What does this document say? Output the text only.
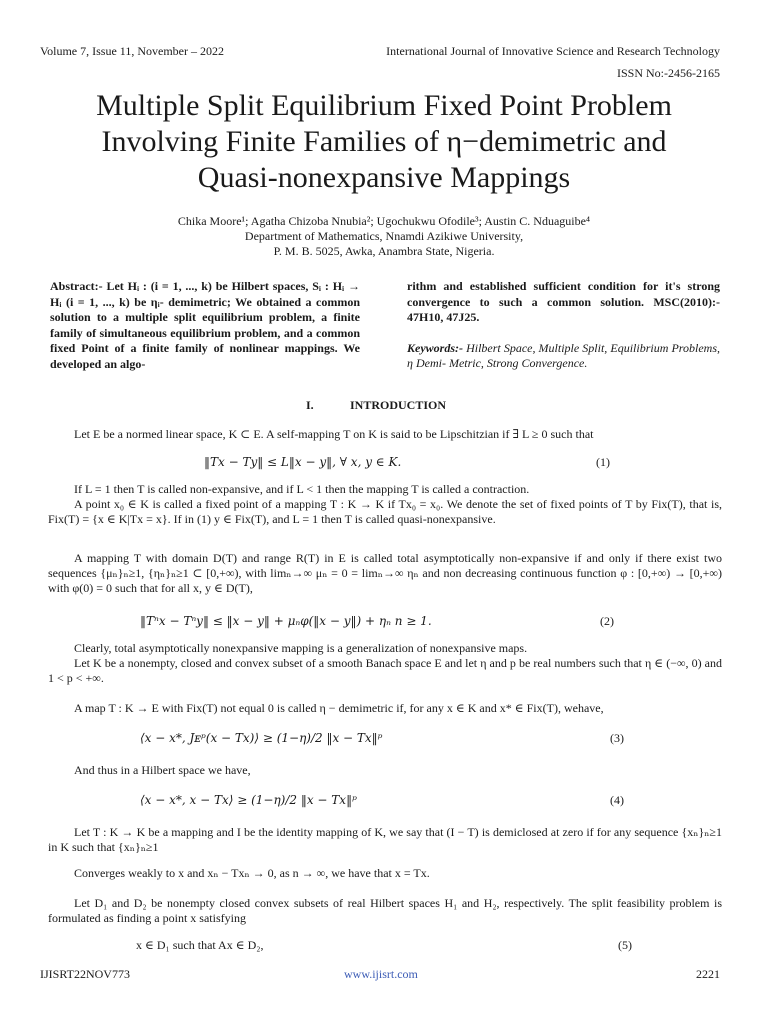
Volume 7, Issue 11, November – 2022	International Journal of Innovative Science and Research Technology
ISSN No:-2456-2165
Multiple Split Equilibrium Fixed Point Problem
Involving Finite Families of η−demimetric and
Quasi-nonexpansive Mappings
Chika Moore¹; Agatha Chizoba Nnubia²; Ugochukwu Ofodile³; Austin C. Nduaguibe⁴
Department of Mathematics, Nnamdi Azikiwe University,
P. M. B. 5025, Awka, Anambra State, Nigeria.
Abstract:- Let Hᵢ : (i = 1, ..., k) be Hilbert spaces, Sᵢ : Hᵢ → Hᵢ (i = 1, ..., k) be ηᵢ- demimetric; We obtained a common solution to a multiple split equilibrium problem, a finite family of simultaneous equilibrium problem, and a common fixed Point of a finite family of nonlinear mappings. We developed an algo-
rithm and established sufficient condition for it's strong convergence to such a common solution. MSC(2010):- 47H10, 47J25.
Keywords:- Hilbert Space, Multiple Split, Equilibrium Problems, η Demi- Metric, Strong Convergence.
I.	INTRODUCTION
Let E be a normed linear space, K ⊂ E. A self-mapping T on K is said to be Lipschitzian if ∃ L ≥ 0 such that
‖Tx − Ty‖ ≤ L‖x − y‖, ∀ x, y ∈ K.	(1)
If L = 1 then T is called non-expansive, and if L < 1 then the mapping T is called a contraction.
A point x₀ ∈ K is called a fixed point of a mapping T : K → K if Tx₀ = x₀. We denote the set of fixed points of T by Fix(T), that is, Fix(T) = {x ∈ K|Tx = x}. If in (1) y ∈ Fix(T), and L = 1 then T is called quasi-nonexpansive.
A mapping T with domain D(T) and range R(T) in E is called total asymptotically non-expansive if and only if there exist two sequences {μₙ}ₙ≥1, {ηₙ}ₙ≥1 ⊂ [0,+∞), with limₙ→∞ μₙ = 0 = limₙ→∞ ηₙ and non decreasing continuous function φ : [0,+∞) → [0,+∞) with φ(0) = 0 such that for all x, y ∈ D(T),
‖Tⁿx − Tⁿy‖ ≤ ‖x − y‖ + μₙφ(‖x − y‖) + ηₙ n ≥ 1.	(2)
Clearly, total asymptotically nonexpansive mapping is a generalization of nonexpansive maps.
Let K be a nonempty, closed and convex subset of a smooth Banach space E and let η and p be real numbers such that η ∈ (−∞, 0) and 1 < p < +∞.
A map T : K → E with Fix(T) not equal 0 is called η − demimetric if, for any x ∈ K and x* ∈ Fix(T), wehave,
⟨x − x*, Jᴇᵖ(x − Tx)⟩ ≥ (1−η)/2 ‖x − Tx‖ᵖ	(3)
And thus in a Hilbert space we have,
⟨x − x*, x − Tx⟩ ≥ (1−η)/2 ‖x − Tx‖ᵖ	(4)
Let T : K → K be a mapping and I be the identity mapping of K, we say that (I − T) is demiclosed at zero if for any sequence {xₙ}ₙ≥1 in K such that {xₙ}ₙ≥1
Converges weakly to x and xₙ − Txₙ → 0, as n → ∞, we have that x = Tx.
Let D₁ and D₂ be nonempty closed convex subsets of real Hilbert spaces H₁ and H₂, respectively. The split feasibility problem is formulated as finding a point x satisfying
x ∈ D₁ such that Ax ∈ D₂,	(5)
IJISRT22NOV773	www.ijisrt.com	2221
